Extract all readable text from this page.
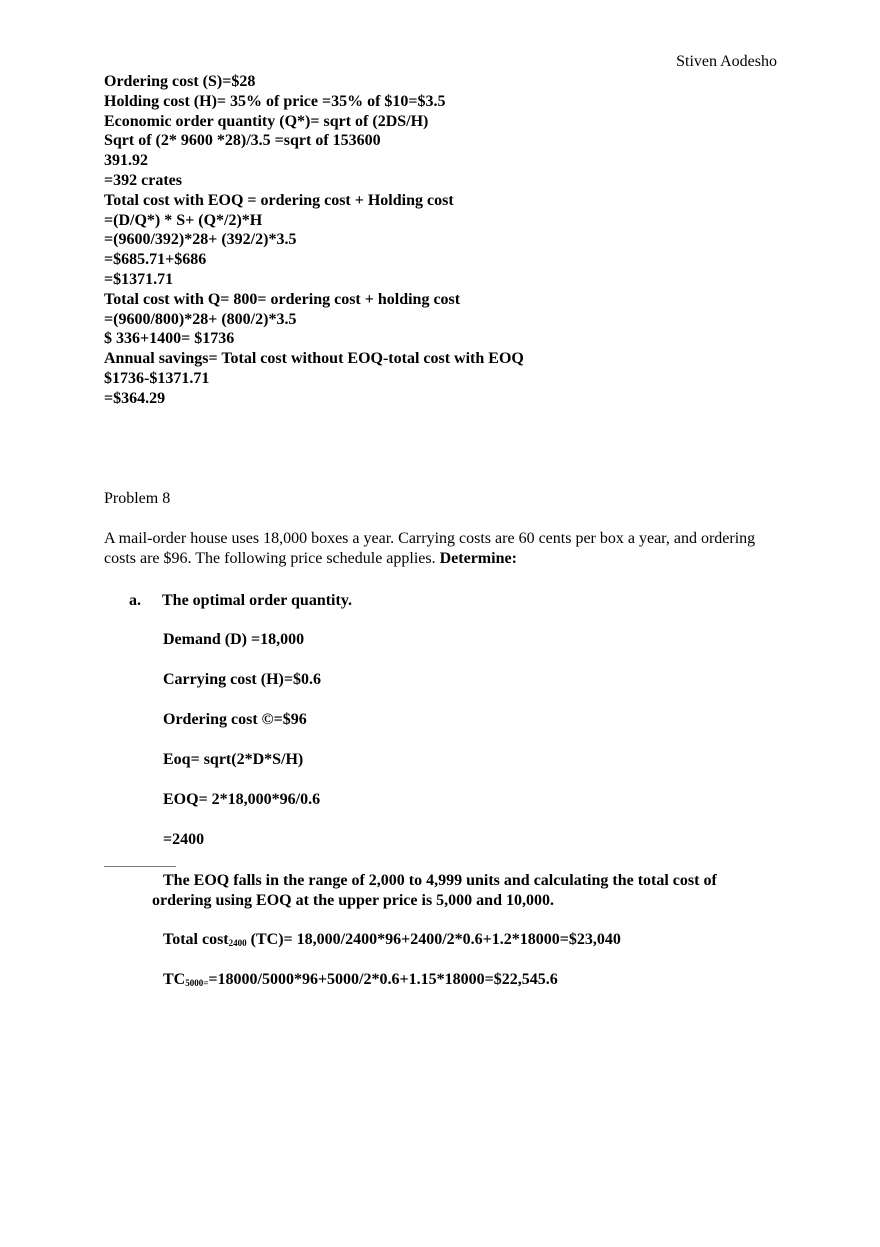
Stiven Aodesho
Ordering cost (S)=$28
Holding cost (H)= 35% of price =35% of $10=$3.5
Economic order quantity (Q*)= sqrt of (2DS/H)
Sqrt of (2* 9600 *28)/3.5 =sqrt of 153600
391.92
=392 crates
Total cost with EOQ = ordering cost + Holding cost
=(D/Q*) * S+ (Q*/2)*H
=(9600/392)*28+ (392/2)*3.5
=$685.71+$686
=$1371.71
Total cost with Q= 800= ordering cost + holding cost
=(9600/800)*28+ (800/2)*3.5
$ 336+1400= $1736
Annual savings= Total cost without EOQ-total cost with EOQ
$1736-$1371.71
=$364.29
Problem 8
A mail-order house uses 18,000 boxes a year. Carrying costs are 60 cents per box a year, and ordering costs are $96. The following price schedule applies. Determine:
a. The optimal order quantity.
Demand (D) =18,000
Carrying cost (H)=$0.6
Ordering cost ©=$96
Eoq= sqrt(2*D*S/H)
EOQ= 2*18,000*96/0.6
=2400
The EOQ falls in the range of 2,000 to 4,999 units and calculating the total cost of ordering using EOQ at the upper price is 5,000 and 10,000.
Total cost$_{2400}$ (TC)= 18,000/2400*96+2400/2*0.6+1.2*18000=$23,040
$TC_{5000=}=18000/5000*96+5000/2*0.6+1.15*18000=\$22,545.6$
